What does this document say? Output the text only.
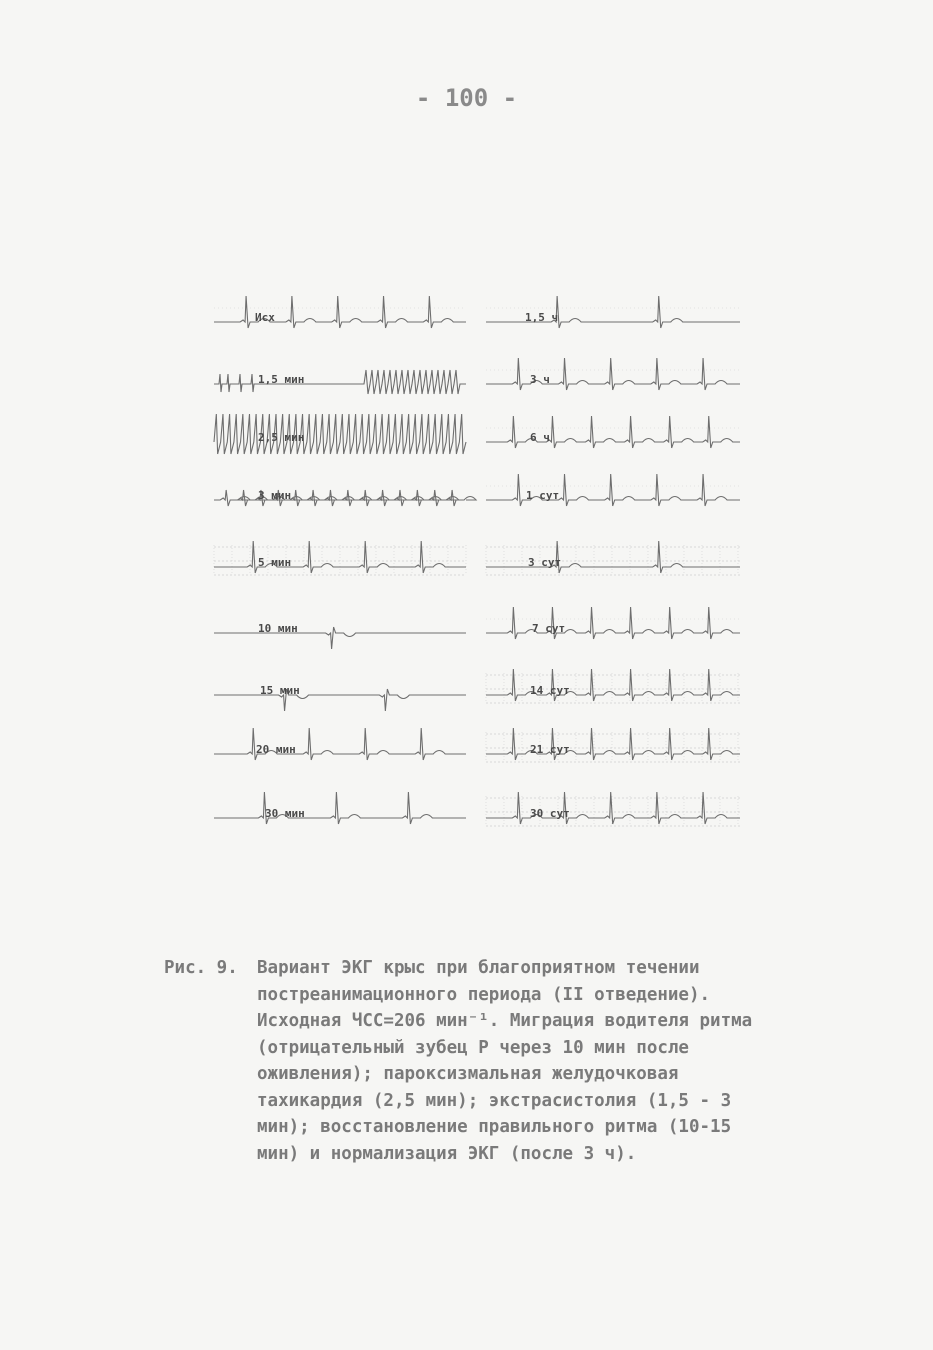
- 100 -
Исх
1,5 мин
2,5 мин
3 мин
5 мин
10 мин
15 мин
20 мин
30 мин
1,5 ч
3 ч
6 ч
1 сут
3 сут
7 сут
14 сут
21 сут
30 сут
Рис. 9. Вариант ЭКГ крыс при благоприятном течении постреанимационного периода (II отведение). Исходная ЧСС=206 мин⁻¹. Миграция водителя ритма (отрицательный зубец Р через 10 мин после оживления); пароксизмальная желудочковая тахикардия (2,5 мин); экстрасистолия (1,5 - 3 мин); восстановление правильного ритма (10-15 мин) и нормализация ЭКГ (после 3 ч).
